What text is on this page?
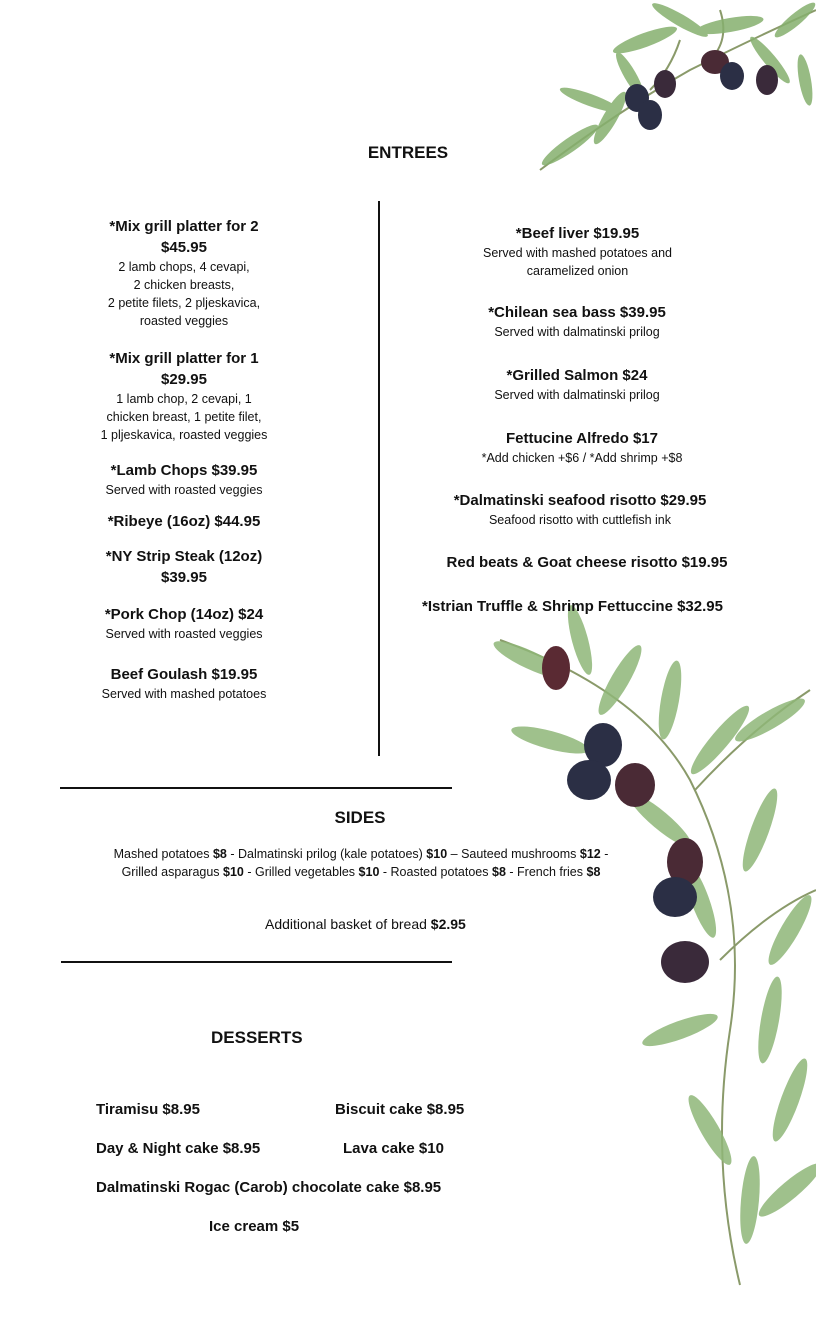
ENTREES
*Mix grill platter for 2
$45.95
2 lamb chops, 4 cevapi,
2 chicken breasts,
2 petite filets, 2 pljeskavica,
roasted veggies
*Mix grill platter for 1
$29.95
1 lamb chop, 2 cevapi, 1
chicken breast, 1 petite filet,
1 pljeskavica, roasted veggies
*Lamb Chops $39.95
Served with roasted veggies
*Ribeye (16oz) $44.95
*NY Strip Steak (12oz)
$39.95
*Pork Chop (14oz) $24
Served with roasted veggies
Beef Goulash $19.95
Served with mashed potatoes
*Beef liver $19.95
Served with mashed potatoes and
caramelized onion
*Chilean sea bass $39.95
Served with dalmatinski prilog
*Grilled Salmon $24
Served with dalmatinski prilog
Fettucine Alfredo $17
*Add chicken +$6 / *Add shrimp +$8
*Dalmatinski seafood risotto $29.95
Seafood risotto with cuttlefish ink
Red beats & Goat cheese risotto $19.95
*Istrian Truffle & Shrimp Fettuccine $32.95
SIDES
Mashed potatoes $8 - Dalmatinski prilog (kale potatoes) $10 – Sauteed mushrooms $12 - Grilled asparagus $10 - Grilled vegetables $10 - Roasted potatoes $8 - French fries $8
Additional basket of bread $2.95
DESSERTS
Tiramisu $8.95	Biscuit cake $8.95
Day & Night cake $8.95	Lava cake $10
Dalmatinski Rogac (Carob) chocolate cake $8.95
Ice cream $5
